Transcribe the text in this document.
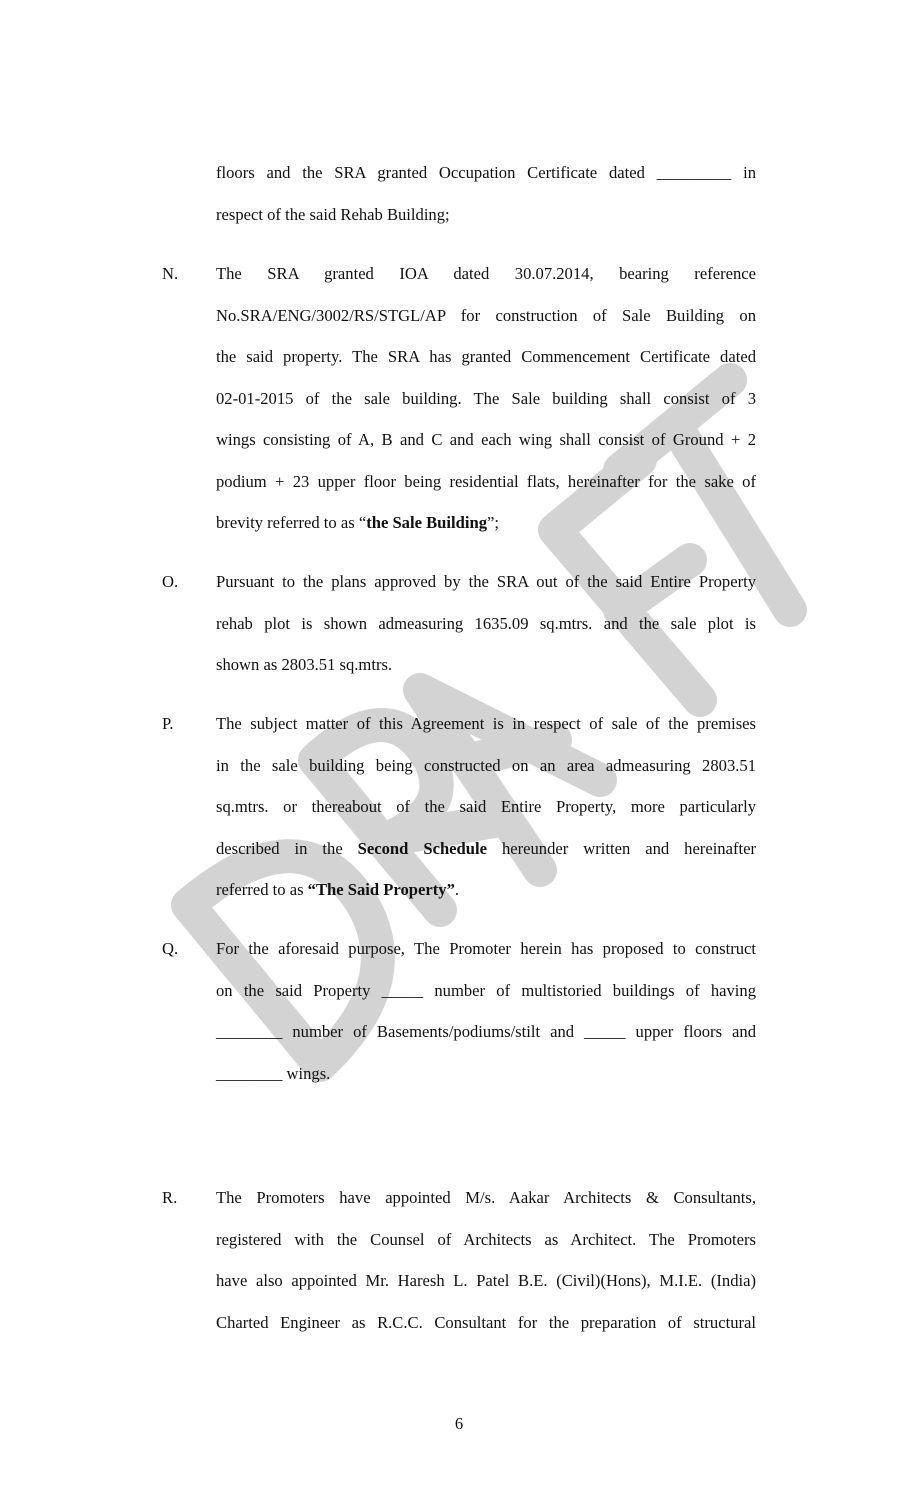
floors and the SRA granted Occupation Certificate dated _________ in
respect of the said Rehab Building;
N. The SRA granted IOA dated 30.07.2014, bearing reference
No.SRA/ENG/3002/RS/STGL/AP for construction of Sale Building on
the said property. The SRA has granted Commencement Certificate dated
02-01-2015 of the sale building. The Sale building shall consist of 3
wings consisting of A, B and C and each wing shall consist of Ground + 2
podium + 23 upper floor being residential flats, hereinafter for the sake of
brevity referred to as “the Sale Building”;
O. Pursuant to the plans approved by the SRA out of the said Entire Property
rehab plot is shown admeasuring 1635.09 sq.mtrs. and the sale plot is
shown as 2803.51 sq.mtrs.
P.	The subject matter of this Agreement is in respect of sale of the premises
in the sale building being constructed on an area admeasuring 2803.51
sq.mtrs. or thereabout of the said Entire Property, more particularly
described in the Second Schedule hereunder written and hereinafter
referred to as “The Said Property”.
Q. For the aforesaid purpose, The Promoter herein has proposed to construct
on the said Property _____ number of multistoried buildings of having
________ number of Basements/podiums/stilt and _____ upper floors and
________ wings.
R. The Promoters have appointed M/s. Aakar Architects & Consultants,
registered with the Counsel of Architects as Architect. The Promoters
have also appointed Mr. Haresh L. Patel B.E. (Civil)(Hons), M.I.E. (India)
Charted Engineer as R.C.C. Consultant for the preparation of structural
6
